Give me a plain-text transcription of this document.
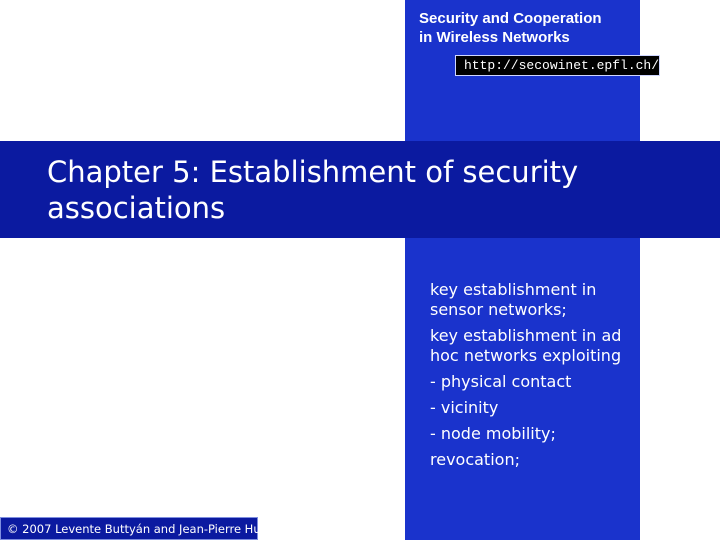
Security and Cooperation
in Wireless Networks
http://secowinet.epfl.ch/
Chapter 5: Establishment of security
associations
key establishment in sensor networks;
key establishment in ad hoc networks exploiting
- physical contact
- vicinity
- node mobility;
revocation;
© 2007 Levente Buttyán and Jean-Pierre Hubaux
